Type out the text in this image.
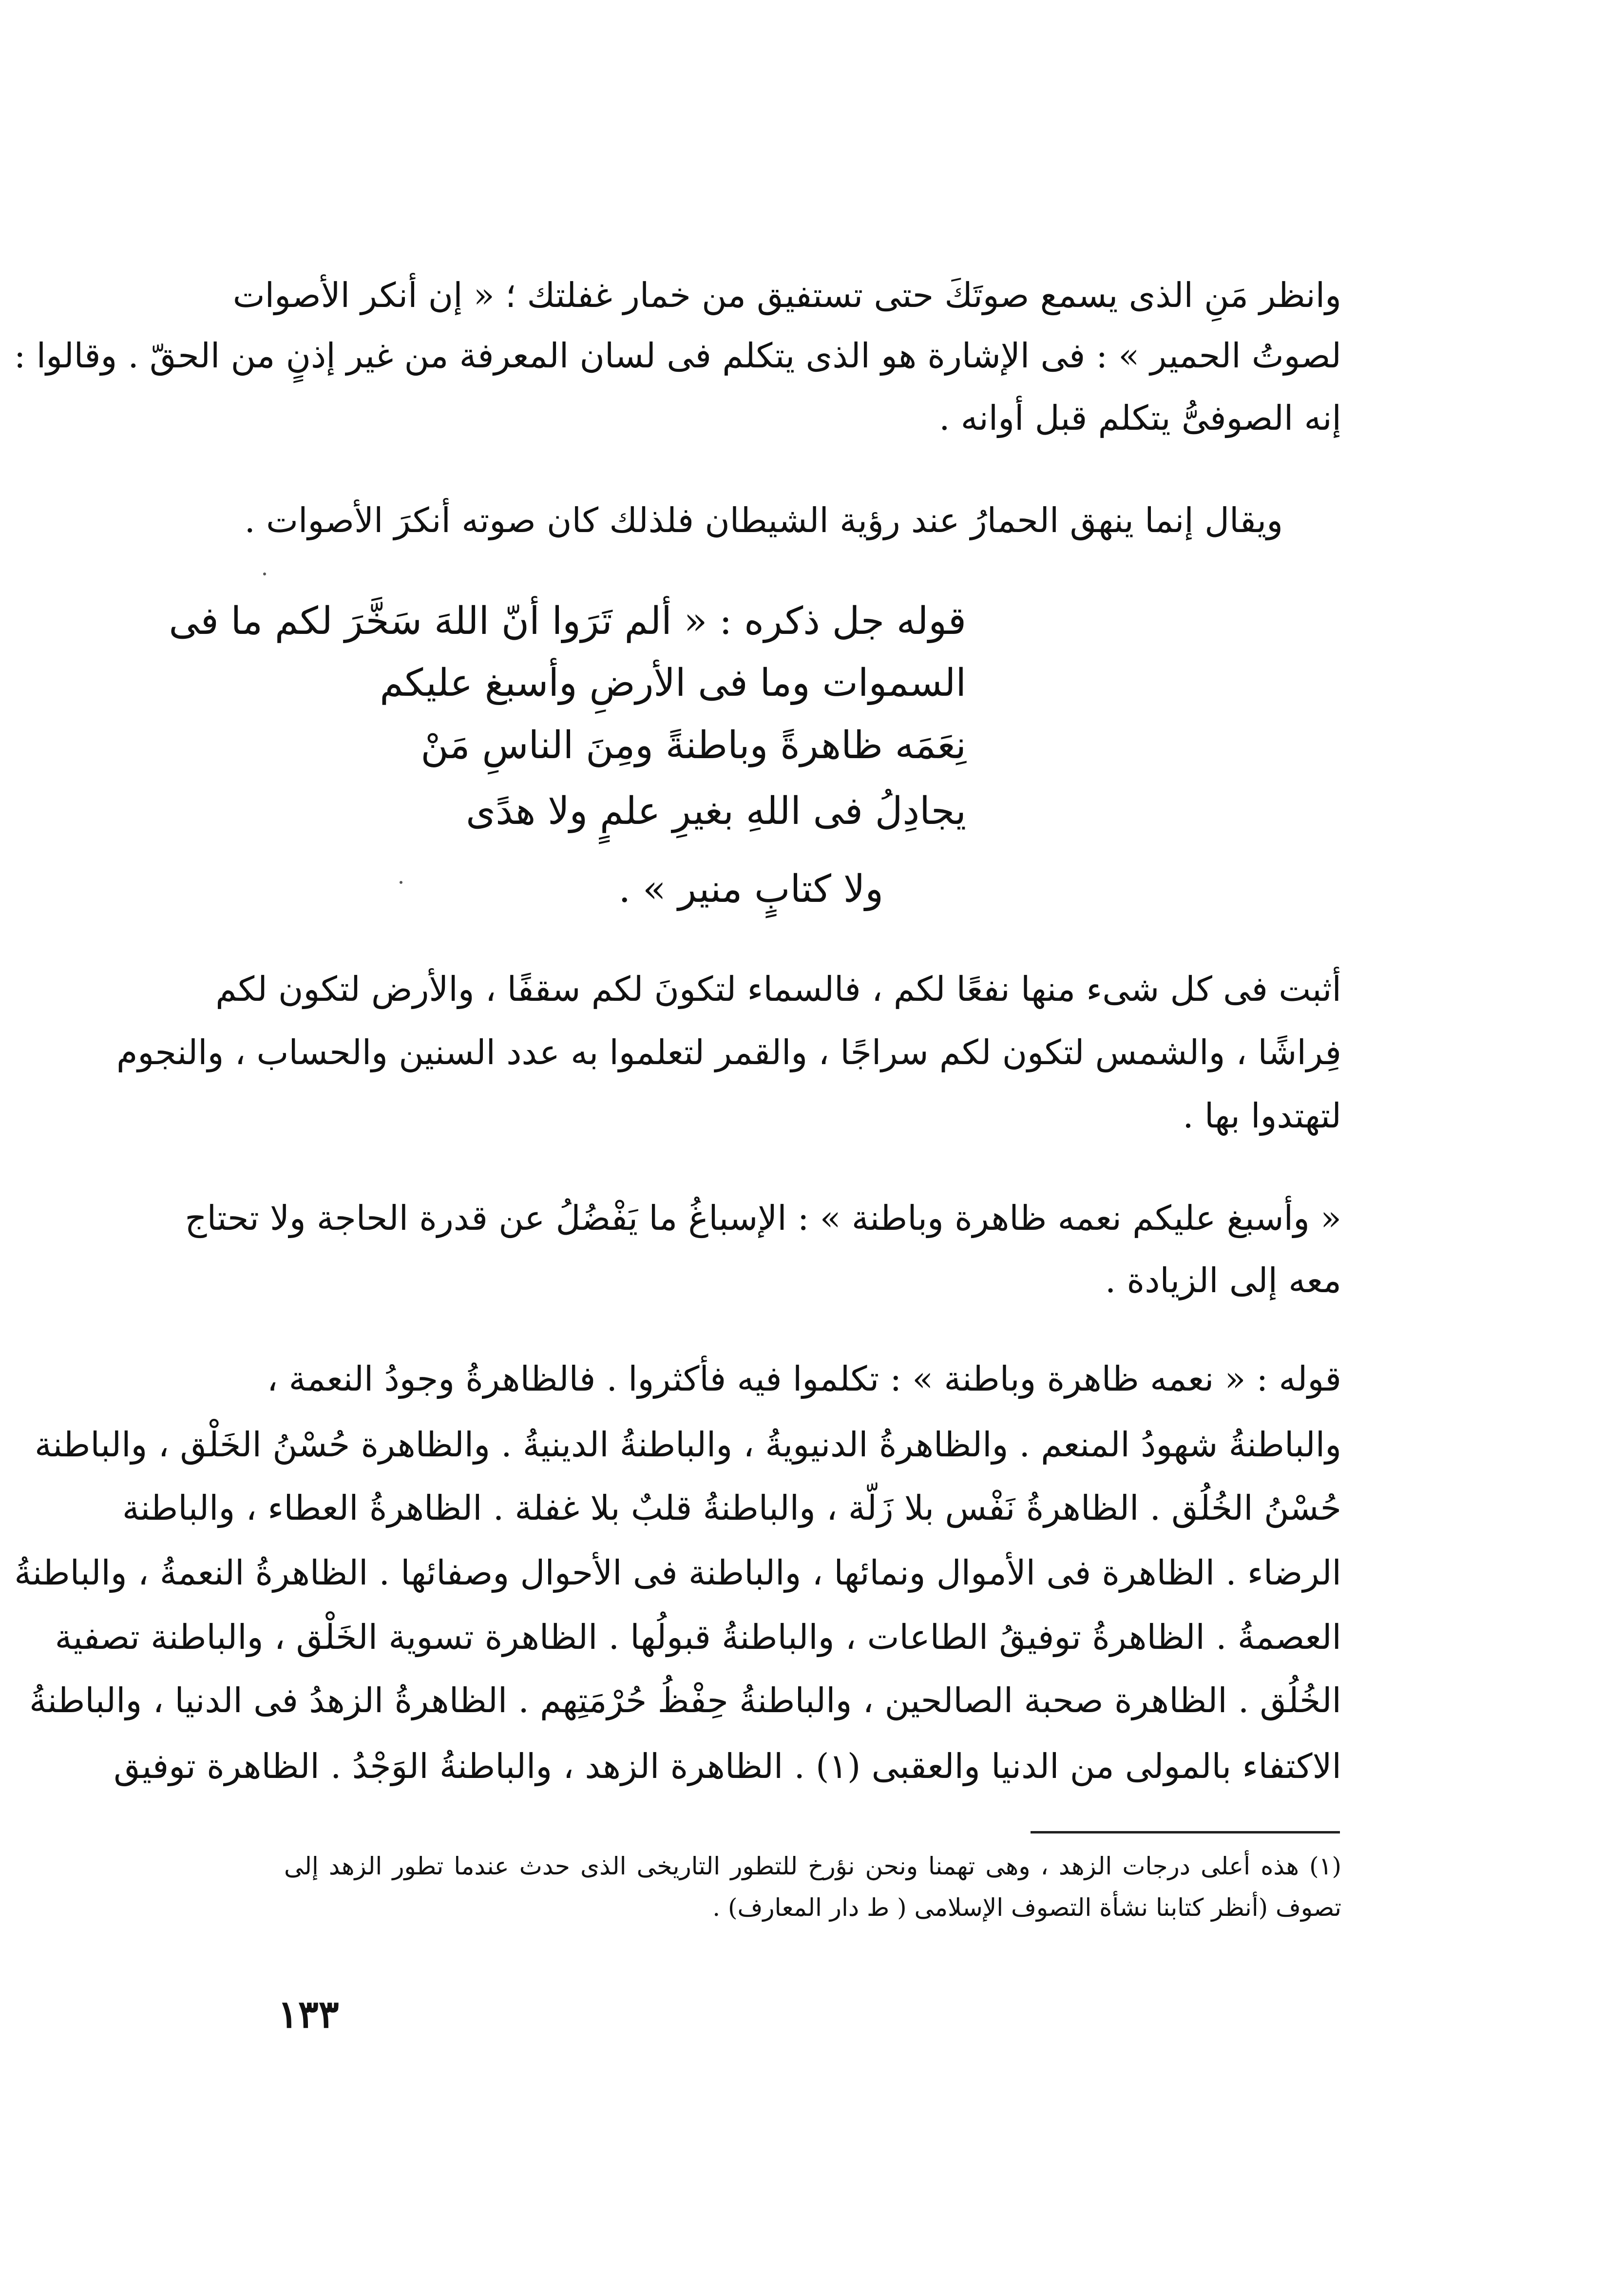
وانظر مَنِ الذى يسمع صوتَكَ حتى تستفيق من خمار غفلتك ؛ « إن أنكر الأصوات
لصوتُ الحمير » : فى الإشارة هو الذى يتكلم فى لسان المعرفة من غير إذنٍ من الحقّ . وقالوا :
إنه الصوفىُّ يتكلم قبل أوانه .
ويقال إنما ينهق الحمارُ عند رؤية الشيطان فلذلك كان صوته أنكرَ الأصوات .
قوله جل ذكره : « ألم تَرَوا أنّ اللهَ سَخَّرَ لكم ما فى
السموات وما فى الأرضِ وأسبغ عليكم
نِعَمَه ظاهرةً وباطنةً ومِنَ الناسِ مَنْ
يجادِلُ فى اللهِ بغيرِ علمٍ ولا هدًى
ولا كتابٍ منير » .
أثبت فى كل شىء منها نفعًا لكم ، فالسماء لتكونَ لكم سقفًا ، والأرض لتكون لكم
فِراشًا ، والشمس لتكون لكم سراجًا ، والقمر لتعلموا به عدد السنين والحساب ، والنجوم
لتهتدوا بها .
« وأسبغ عليكم نعمه ظاهرة وباطنة » : الإسباغُ ما يَفْضُلُ عن قدرة الحاجة ولا تحتاج
معه إلى الزيادة .
قوله : « نعمه ظاهرة وباطنة » : تكلموا فيه فأكثروا . فالظاهرةُ وجودُ النعمة ،
والباطنةُ شهودُ المنعم . والظاهرةُ الدنيويةُ ، والباطنةُ الدينيةُ . والظاهرة حُسْنُ الخَلْق ، والباطنة
حُسْنُ الخُلُق . الظاهرةُ نَفْس بلا زَلّة ، والباطنةُ قلبٌ بلا غفلة . الظاهرةُ العطاء ، والباطنة
الرضاء . الظاهرة فى الأموال ونمائها ، والباطنة فى الأحوال وصفائها . الظاهرةُ النعمةُ ، والباطنةُ
العصمةُ . الظاهرةُ توفيقُ الطاعات ، والباطنةُ قبولُها . الظاهرة تسوية الخَلْق ، والباطنة تصفية
الخُلُق . الظاهرة صحبة الصالحين ، والباطنةُ حِفْظُ حُرْمَتِهم . الظاهرةُ الزهدُ فى الدنيا ، والباطنةُ
الاكتفاء بالمولى من الدنيا والعقبى (١) . الظاهرة الزهد ، والباطنةُ الوَجْدُ . الظاهرة توفيق
(١) هذه أعلى درجات الزهد ، وهى تهمنا ونحن نؤرخ للتطور التاريخى الذى حدث عندما تطور الزهد إلى
تصوف (أنظر كتابنا نشأة التصوف الإسلامى ( ط دار المعارف) .
١٣٣
